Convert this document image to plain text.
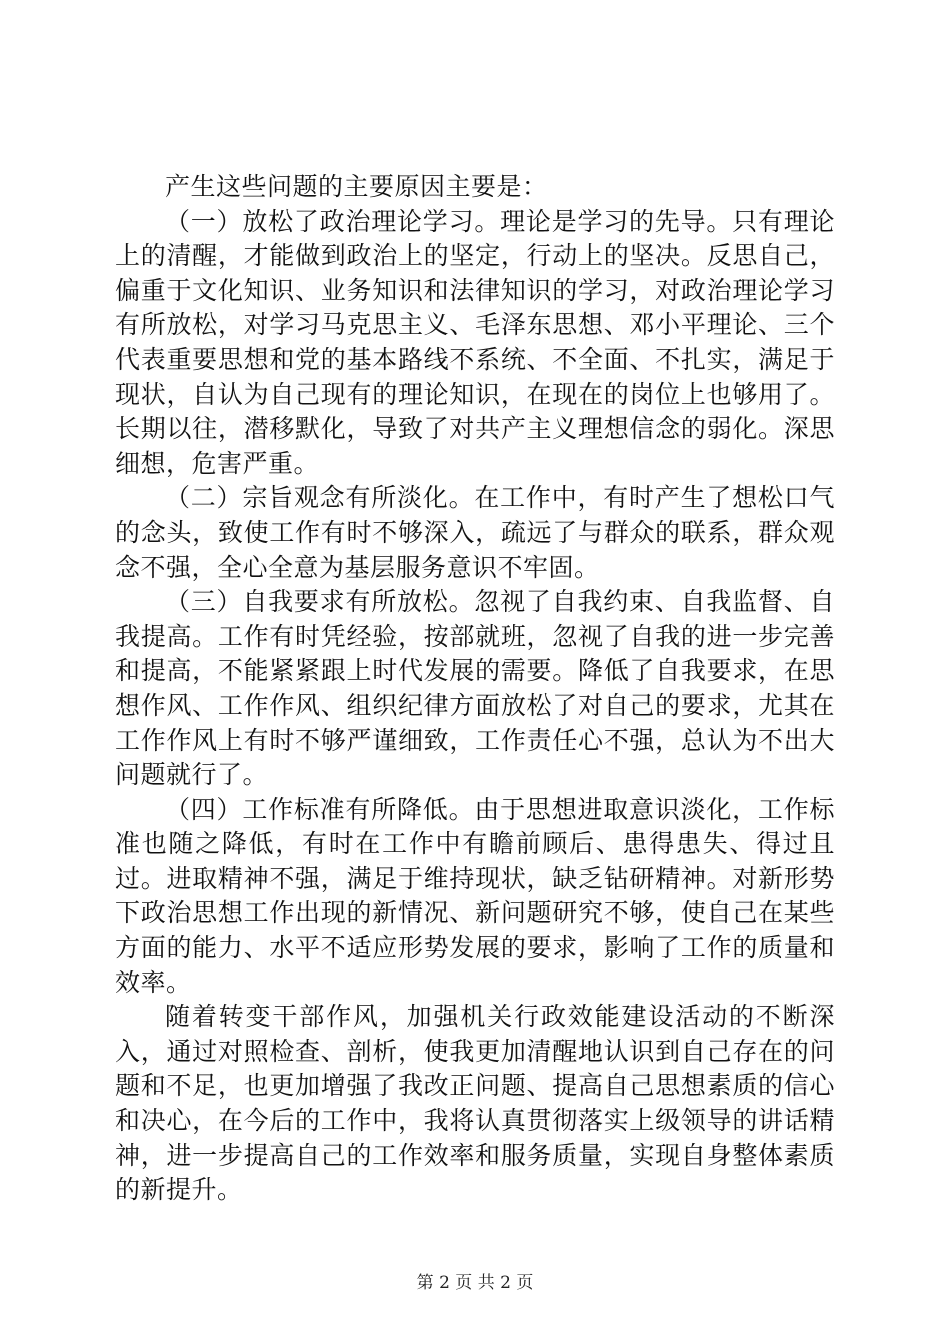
产生这些问题的主要原因主要是：

（一）放松了政治理论学习。理论是学习的先导。只有理论上的清醒，才能做到政治上的坚定，行动上的坚决。反思自己，偏重于文化知识、业务知识和法律知识的学习，对政治理论学习有所放松，对学习马克思主义、毛泽东思想、邓小平理论、三个代表重要思想和党的基本路线不系统、不全面、不扎实，满足于现状，自认为自己现有的理论知识，在现在的岗位上也够用了。长期以往，潜移默化，导致了对共产主义理想信念的弱化。深思细想，危害严重。

（二）宗旨观念有所淡化。在工作中，有时产生了想松口气的念头，致使工作有时不够深入，疏远了与群众的联系，群众观念不强，全心全意为基层服务意识不牢固。

（三）自我要求有所放松。忽视了自我约束、自我监督、自我提高。工作有时凭经验，按部就班，忽视了自我的进一步完善和提高，不能紧紧跟上时代发展的需要。降低了自我要求，在思想作风、工作作风、组织纪律方面放松了对自己的要求，尤其在工作作风上有时不够严谨细致，工作责任心不强，总认为不出大问题就行了。

（四）工作标准有所降低。由于思想进取意识淡化，工作标准也随之降低，有时在工作中有瞻前顾后、患得患失、得过且过。进取精神不强，满足于维持现状，缺乏钻研精神。对新形势下政治思想工作出现的新情况、新问题研究不够，使自己在某些方面的能力、水平不适应形势发展的要求，影响了工作的质量和效率。

随着转变干部作风，加强机关行政效能建设活动的不断深入，通过对照检查、剖析，使我更加清醒地认识到自己存在的问题和不足，也更加增强了我改正问题、提高自己思想素质的信心和决心，在今后的工作中，我将认真贯彻落实上级领导的讲话精神，进一步提高自己的工作效率和服务质量，实现自身整体素质的新提升。

第 2 页 共 2 页
